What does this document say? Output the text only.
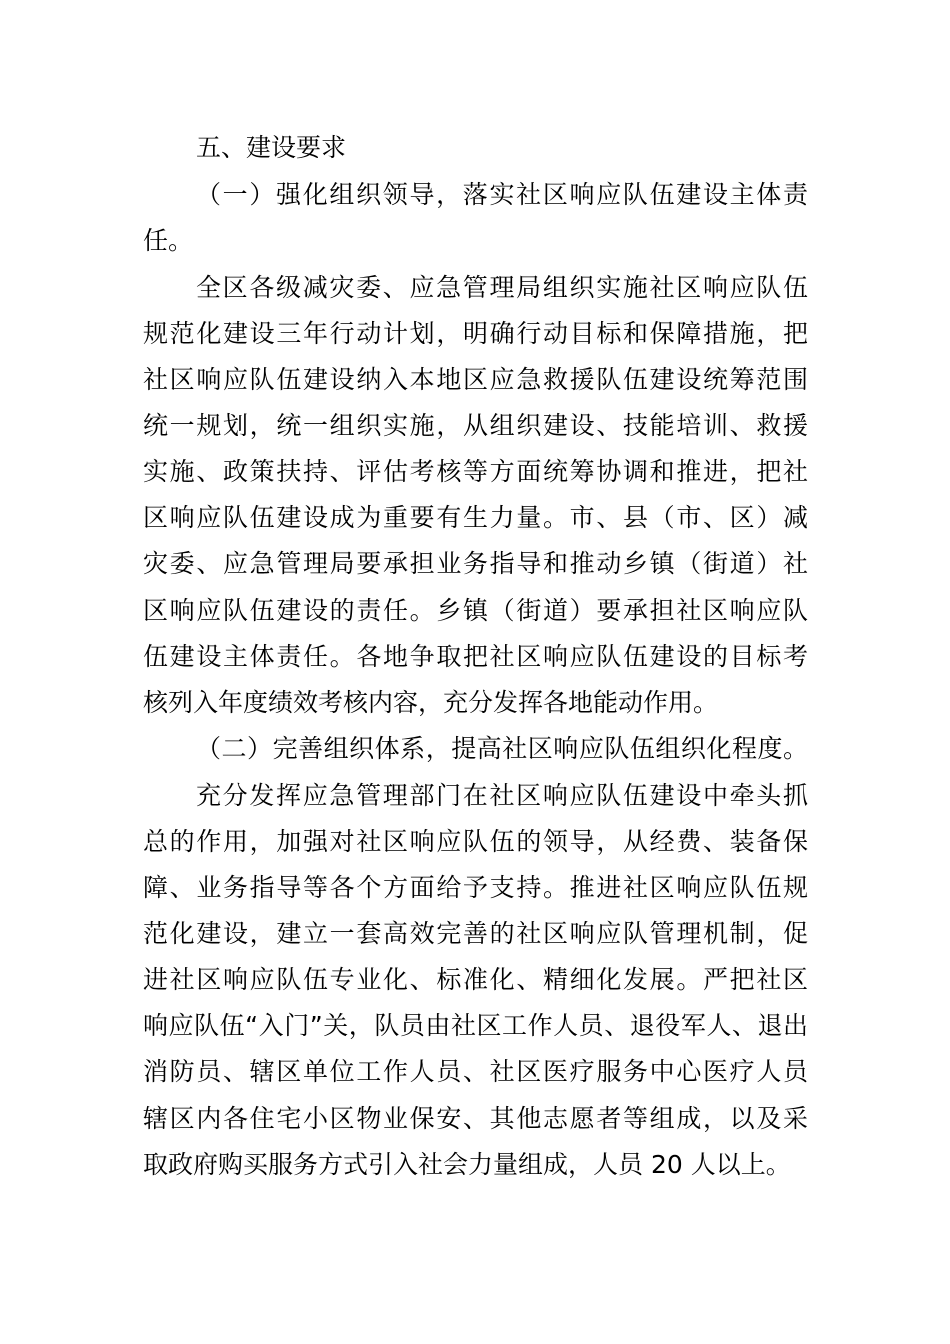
五、建设要求
（一）强化组织领导，落实社区响应队伍建设主体责
任。
全区各级减灾委、应急管理局组织实施社区响应队伍
规范化建设三年行动计划，明确行动目标和保障措施，把
社区响应队伍建设纳入本地区应急救援队伍建设统筹范围
统一规划，统一组织实施，从组织建设、技能培训、救援
实施、政策扶持、评估考核等方面统筹协调和推进，把社
区响应队伍建设成为重要有生力量。市、县（市、区）减
灾委、应急管理局要承担业务指导和推动乡镇（街道）社
区响应队伍建设的责任。乡镇（街道）要承担社区响应队
伍建设主体责任。各地争取把社区响应队伍建设的目标考
核列入年度绩效考核内容，充分发挥各地能动作用。
（二）完善组织体系，提高社区响应队伍组织化程度。
充分发挥应急管理部门在社区响应队伍建设中牵头抓
总的作用，加强对社区响应队伍的领导，从经费、装备保
障、业务指导等各个方面给予支持。推进社区响应队伍规
范化建设，建立一套高效完善的社区响应队管理机制，促
进社区响应队伍专业化、标准化、精细化发展。严把社区
响应队伍“入门”关，队员由社区工作人员、退役军人、退出
消防员、辖区单位工作人员、社区医疗服务中心医疗人员
辖区内各住宅小区物业保安、其他志愿者等组成，以及采
取政府购买服务方式引入社会力量组成，人员 20 人以上。
